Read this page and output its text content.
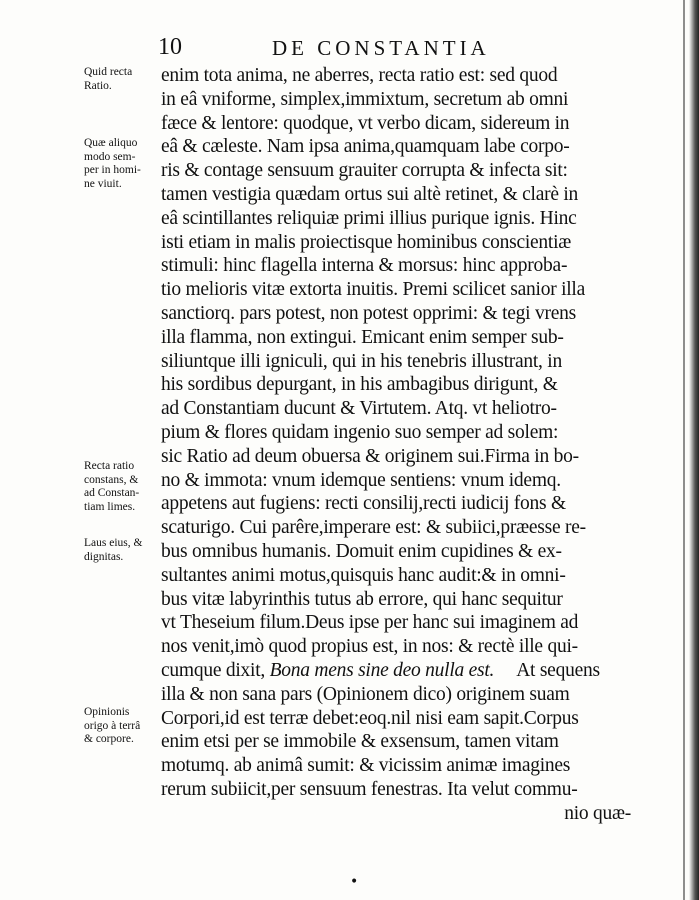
10	DE CONSTANTIA
Quid recta
Ratio.
Quæ aliquo
modo sem-
per in homi-
ne viuit.
Recta ratio
constans, &
ad Constan-
tiam limes.
Laus eius, &
dignitas.
Opinionis
origo à terrâ
& corpore.
enim tota anima, ne aberres, recta ratio est: sed quod
in eâ vniforme, simplex,immixtum, secretum ab omni
fæce & lentore: quodque, vt verbo dicam, sidereum in
eâ & cæleste. Nam ipsa anima,quamquam labe corpo-
ris & contage sensuum grauiter corrupta & infecta sit:
tamen vestigia quædam ortus sui altè retinet, & clarè in
eâ scintillantes reliquiæ primi illius purique ignis. Hinc
isti etiam in malis proiectisque hominibus conscientiæ
stimuli: hinc flagella interna & morsus: hinc approba-
tio melioris vitæ extorta inuitis. Premi scilicet sanior illa
sanctiorq. pars potest, non potest opprimi: & tegi vrens
illa flamma, non extingui. Emicant enim semper sub-
siliuntque illi igniculi, qui in his tenebris illustrant, in
his sordibus depurgant, in his ambagibus dirigunt, &
ad Constantiam ducunt & Virtutem. Atq. vt heliotro-
pium & flores quidam ingenio suo semper ad solem:
sic Ratio ad deum obuersa & originem sui.Firma in bo-
no & immota: vnum idemque sentiens: vnum idemq.
appetens aut fugiens: recti consilij,recti iudicij fons &
scaturigo. Cui parêre,imperare est: & subiici,præesse re-
bus omnibus humanis. Domuit enim cupidines & ex-
sultantes animi motus,quisquis hanc audit:& in omni-
bus vitæ labyrinthis tutus ab errore, qui hanc sequitur
vt Theseium filum.Deus ipse per hanc sui imaginem ad
nos venit,imò quod propius est, in nos: & rectè ille qui-
cumque dixit, Bona mens sine deo nulla est.     At sequens
illa & non sana pars (Opinionem dico) originem suam
Corpori,id est terræ debet:eoq.nil nisi eam sapit.Corpus
enim etsi per se immobile & exsensum, tamen vitam
motumq. ab animâ sumit: & vicissim animæ imagines
rerum subiicit,per sensuum fenestras. Ita velut commu-
nio quæ-
•
